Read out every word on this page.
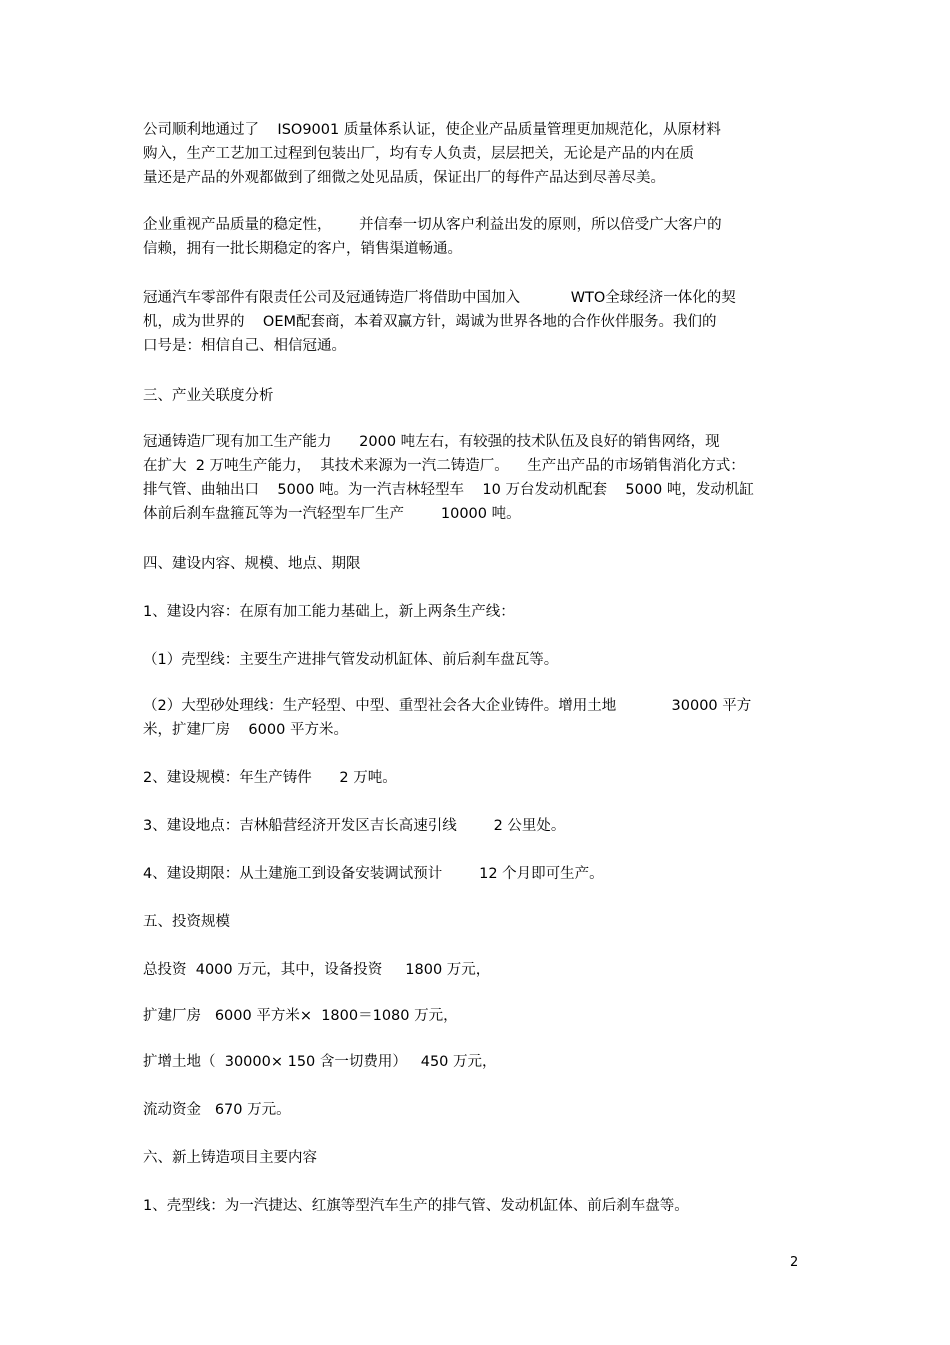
公司顺利地通过了    ISO9001 质量体系认证，使企业产品质量管理更加规范化，从原材料
购入，生产工艺加工过程到包装出厂，均有专人负责，层层把关，无论是产品的内在质
量还是产品的外观都做到了细微之处见品质，保证出厂的每件产品达到尽善尽美。
企业重视产品质量的稳定性，      并信奉一切从客户利益出发的原则，所以倍受广大客户的
信赖，拥有一批长期稳定的客户，销售渠道畅通。
冠通汽车零部件有限责任公司及冠通铸造厂将借助中国加入           WTO全球经济一体化的契
机，成为世界的    OEM配套商，本着双赢方针，竭诚为世界各地的合作伙伴服务。我们的
口号是：相信自己、相信冠通。
三、产业关联度分析
冠通铸造厂现有加工生产能力      2000 吨左右，有较强的技术队伍及良好的销售网络，现
在扩大  2 万吨生产能力，  其技术来源为一汽二铸造厂。    生产出产品的市场销售消化方式：
排气管、曲轴出口    5000 吨。为一汽吉林轻型车    10 万台发动机配套    5000 吨，发动机缸
体前后刹车盘箍瓦等为一汽轻型车厂生产        10000 吨。
四、建设内容、规模、地点、期限
1、建设内容：在原有加工能力基础上，新上两条生产线：
（1）壳型线：主要生产进排气管发动机缸体、前后刹车盘瓦等。
（2）大型砂处理线：生产轻型、中型、重型社会各大企业铸件。增用土地            30000 平方
米，扩建厂房    6000 平方米。
2、建设规模：年生产铸件      2 万吨。
3、建设地点：吉林船营经济开发区吉长高速引线        2 公里处。
4、建设期限：从土建施工到设备安装调试预计        12 个月即可生产。
五、投资规模
总投资  4000 万元，其中，设备投资     1800 万元，
扩建厂房   6000 平方米×  1800＝1080 万元，
扩增土地（  30000× 150 含一切费用）   450 万元，
流动资金   670 万元。
六、新上铸造项目主要内容
1、壳型线：为一汽捷达、红旗等型汽车生产的排气管、发动机缸体、前后刹车盘等。
2
